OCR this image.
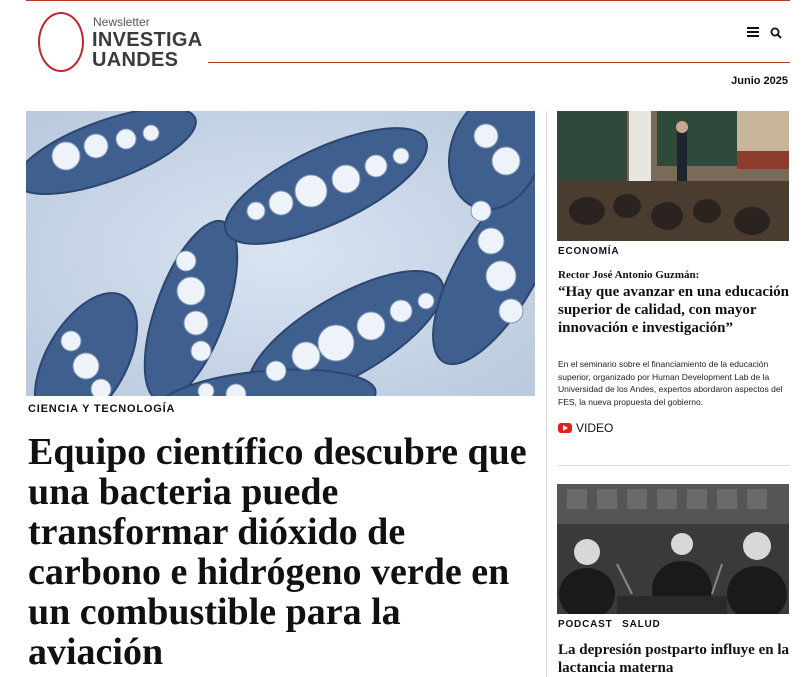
Newsletter
INVESTIGA
UANDES
Junio 2025
CIENCIA Y TECNOLOGÍA
Equipo científico descubre que una bacteria puede transformar dióxido de carbono e hidrógeno verde en un combustible para la aviación
ECONOMÍA
Rector José Antonio Guzmán:
“Hay que avanzar en una educación superior de calidad, con mayor innovación e investigación”
En el seminario sobre el financiamiento de la educación superior, organizado por Human Development Lab de la Universidad de los Andes, expertos abordaron aspectos del FES, la nueva propuesta del gobierno.
VIDEO
PODCAST SALUD
La depresión postparto influye en la lactancia materna
